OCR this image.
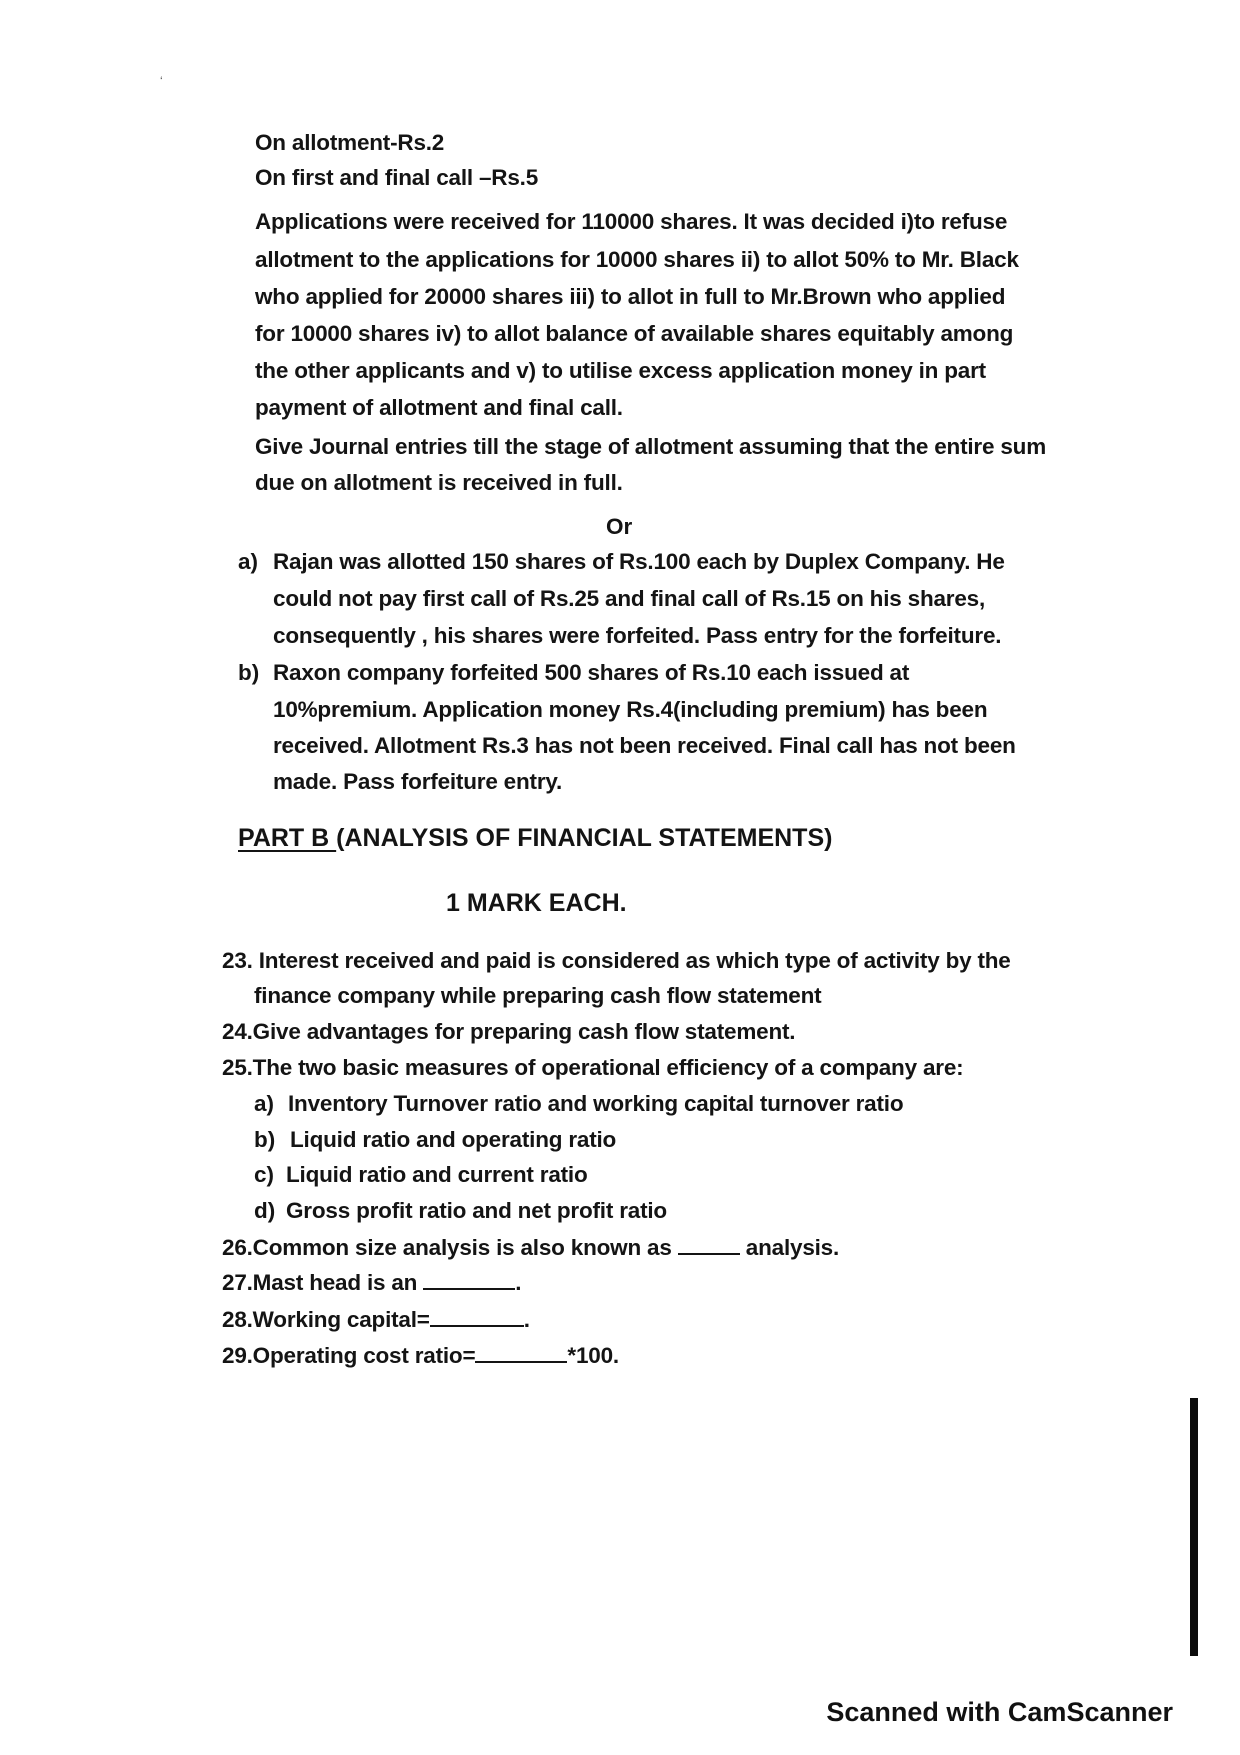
‘
On allotment-Rs.2
On first and final call –Rs.5
Applications were received for 110000 shares. It was decided i)to refuse
allotment to the applications for 10000 shares ii) to allot 50% to Mr. Black
who applied for 20000 shares iii) to allot in full to Mr.Brown who applied
for 10000 shares iv) to allot balance of available shares equitably among
the other applicants and v) to utilise excess application money in part
payment of allotment and final call.
Give Journal entries till the stage of allotment assuming that the entire sum
due on allotment is received in full.
Or
a) Rajan was allotted 150 shares of Rs.100 each by Duplex Company. He
could not pay first call of Rs.25 and final call of Rs.15 on his shares,
consequently , his shares were forfeited. Pass entry for the forfeiture.
b) Raxon company forfeited 500 shares of Rs.10 each issued at
10%premium. Application money Rs.4(including premium) has been
received. Allotment Rs.3 has not been received. Final call has not been
made. Pass forfeiture entry.
PART B (ANALYSIS OF FINANCIAL STATEMENTS)
1 MARK EACH.
23. Interest received and paid is considered as which type of activity by the
finance company while preparing cash flow statement
24.Give advantages for preparing cash flow statement.
25.The two basic measures of operational efficiency of a company are:
a) Inventory Turnover ratio and working capital turnover ratio
b) Liquid ratio and operating ratio
c) Liquid ratio and current ratio
d) Gross profit ratio and net profit ratio
26.Common size analysis is also known as	analysis.
27.Mast head is an	.
28.Working capital=	.
29.Operating cost ratio=	*100.
Scanned with CamScanner
